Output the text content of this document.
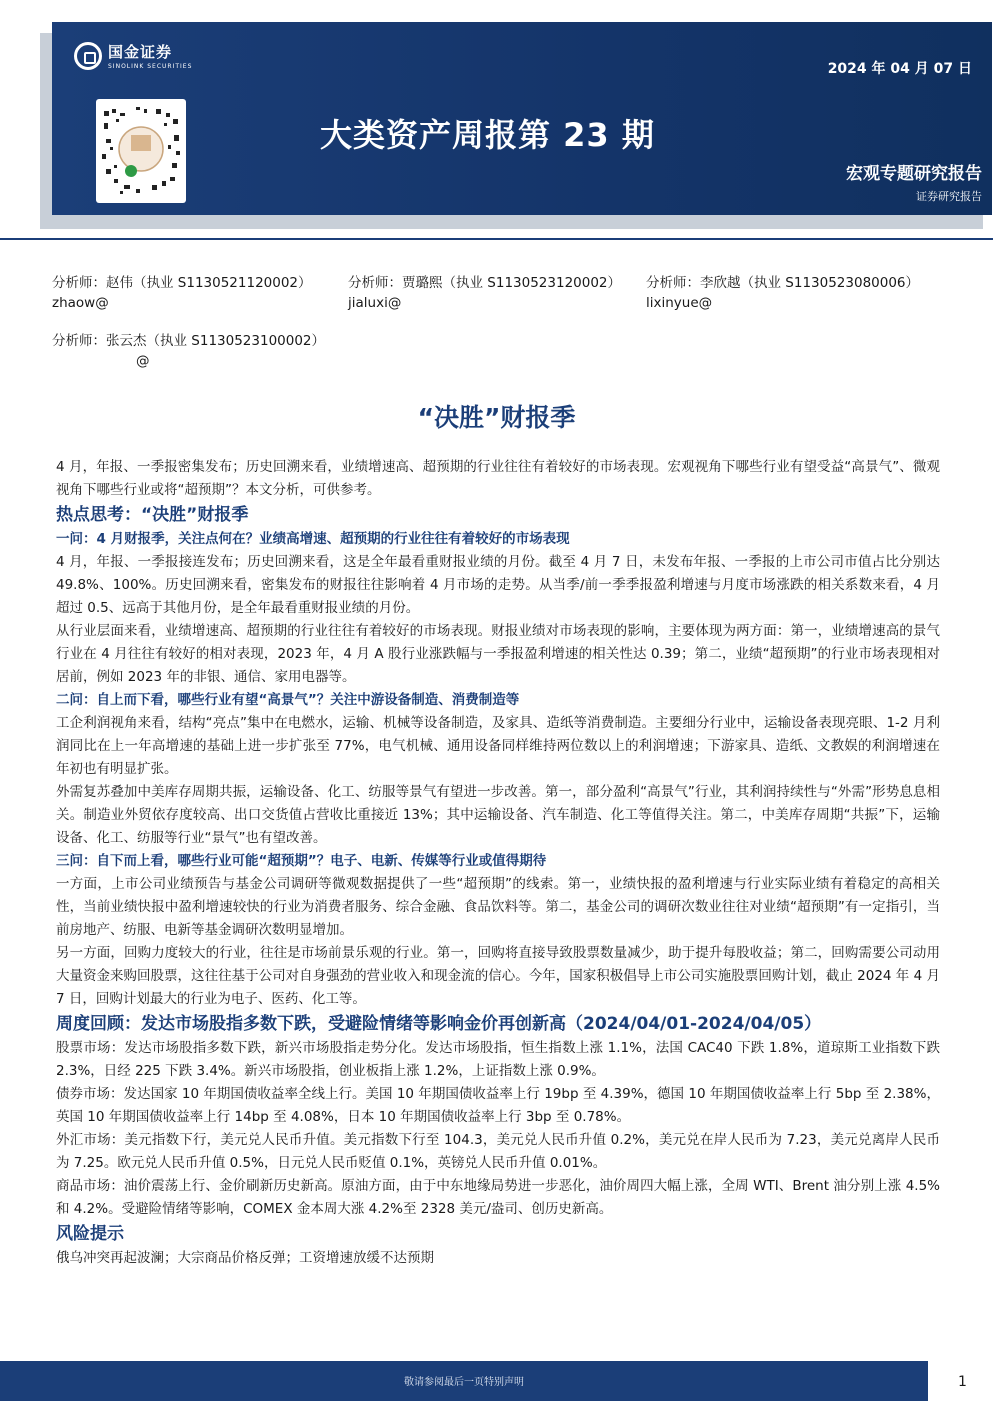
国金证券
SINOLINK SECURITIES	2024 年 04 月 07 日
大类资产周报第 23 期
宏观专题研究报告
证券研究报告
分析师：赵伟（执业 S1130521120002）
zhaow@
分析师：贾璐熙（执业 S1130523120002）
jialuxi@
分析师：李欣越（执业 S1130523080006）
lixinyue@
分析师：张云杰（执业 S1130523100002）
@
“决胜”财报季

4 月，年报、一季报密集发布；历史回溯来看，业绩增速高、超预期的行业往往有着较好的市场表现。宏观视角下哪些行业有望受益“高景气”、微观视角下哪些行业或将“超预期”？本文分析，可供参考。

热点思考：“决胜”财报季

一问：4 月财报季，关注点何在？业绩高增速、超预期的行业往往有着较好的市场表现

4 月，年报、一季报接连发布；历史回溯来看，这是全年最看重财报业绩的月份。截至 4 月 7 日，未发布年报、一季报的上市公司市值占比分别达 49.8%、100%。历史回溯来看，密集发布的财报往往影响着 4 月市场的走势。从当季/前一季季报盈利增速与月度市场涨跌的相关系数来看，4 月超过 0.5、远高于其他月份，是全年最看重财报业绩的月份。

从行业层面来看，业绩增速高、超预期的行业往往有着较好的市场表现。财报业绩对市场表现的影响，主要体现为两方面：第一，业绩增速高的景气行业在 4 月往往有较好的相对表现，2023 年，4 月 A 股行业涨跌幅与一季报盈利增速的相关性达 0.39；第二，业绩“超预期”的行业市场表现相对居前，例如 2023 年的非银、通信、家用电器等。

二问：自上而下看，哪些行业有望“高景气”？关注中游设备制造、消费制造等

工企利润视角来看，结构“亮点”集中在电燃水，运输、机械等设备制造，及家具、造纸等消费制造。主要细分行业中，运输设备表现亮眼、1-2 月利润同比在上一年高增速的基础上进一步扩张至 77%，电气机械、通用设备同样维持两位数以上的利润增速；下游家具、造纸、文教娱的利润增速在年初也有明显扩张。

外需复苏叠加中美库存周期共振，运输设备、化工、纺服等景气有望进一步改善。第一，部分盈利“高景气”行业，其利润持续性与“外需”形势息息相关。制造业外贸依存度较高、出口交货值占营收比重接近 13%；其中运输设备、汽车制造、化工等值得关注。第二，中美库存周期“共振”下，运输设备、化工、纺服等行业“景气”也有望改善。

三问：自下而上看，哪些行业可能“超预期”？电子、电新、传媒等行业或值得期待

一方面，上市公司业绩预告与基金公司调研等微观数据提供了一些“超预期”的线索。第一，业绩快报的盈利增速与行业实际业绩有着稳定的高相关性，当前业绩快报中盈利增速较快的行业为消费者服务、综合金融、食品饮料等。第二，基金公司的调研次数业往往对业绩“超预期”有一定指引，当前房地产、纺服、电新等基金调研次数明显增加。

另一方面，回购力度较大的行业，往往是市场前景乐观的行业。第一，回购将直接导致股票数量减少，助于提升每股收益；第二，回购需要公司动用大量资金来购回股票，这往往基于公司对自身强劲的营业收入和现金流的信心。今年，国家积极倡导上市公司实施股票回购计划，截止 2024 年 4 月 7 日，回购计划最大的行业为电子、医药、化工等。

周度回顾：发达市场股指多数下跌，受避险情绪等影响金价再创新高（2024/04/01-2024/04/05）

股票市场：发达市场股指多数下跌，新兴市场股指走势分化。发达市场股指，恒生指数上涨 1.1%，法国 CAC40 下跌 1.8%，道琼斯工业指数下跌 2.3%，日经 225 下跌 3.4%。新兴市场股指，创业板指上涨 1.2%，上证指数上涨 0.9%。

债券市场：发达国家 10 年期国债收益率全线上行。美国 10 年期国债收益率上行 19bp 至 4.39%，德国 10 年期国债收益率上行 5bp 至 2.38%，英国 10 年期国债收益率上行 14bp 至 4.08%，日本 10 年期国债收益率上行 3bp 至 0.78%。

外汇市场：美元指数下行，美元兑人民币升值。美元指数下行至 104.3，美元兑人民币升值 0.2%，美元兑在岸人民币为 7.23，美元兑离岸人民币为 7.25。欧元兑人民币升值 0.5%，日元兑人民币贬值 0.1%，英镑兑人民币升值 0.01%。

商品市场：油价震荡上行、金价刷新历史新高。原油方面，由于中东地缘局势进一步恶化，油价周四大幅上涨，全周 WTI、Brent 油分别上涨 4.5%和 4.2%。受避险情绪等影响，COMEX 金本周大涨 4.2%至 2328 美元/盎司、创历史新高。

风险提示

俄乌冲突再起波澜；大宗商品价格反弹；工资增速放缓不达预期

敬请参阅最后一页特别声明	1
